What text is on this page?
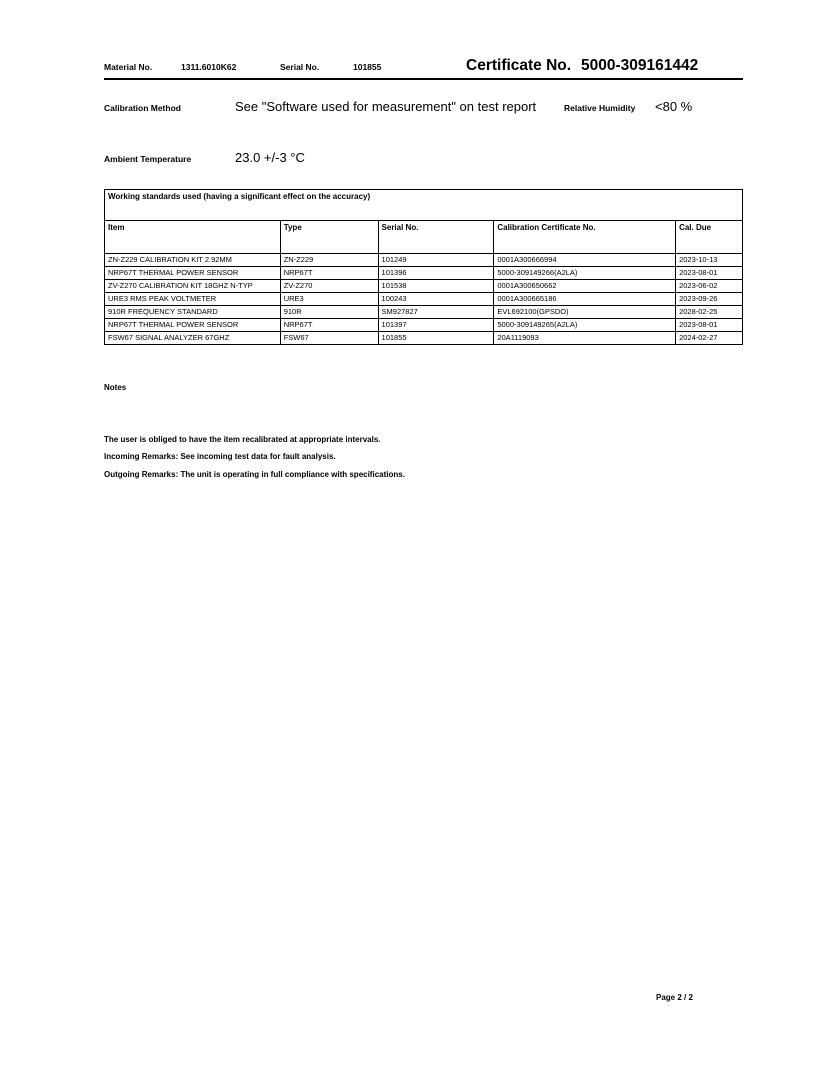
Material No.	1311.6010K62	Serial No.	101855	Certificate No. 5000-309161442
Calibration Method	See "Software used for measurement" on test report	Relative Humidity <80 %
Ambient Temperature	23.0 +/-3 °C
Working standards used (having a significant effect on the accuracy)				
Item	Type	Serial No.	Calibration Certificate No.	Cal. Due
ZN-Z229 CALIBRATION KIT 2.92MM	ZN-Z229	101249	0001A300666994	2023-10-13
NRP67T THERMAL POWER SENSOR	NRP67T	101396	5000-309149266(A2LA)	2023-08-01
ZV-Z270 CALIBRATION KIT 18GHZ N-TYP	ZV-Z270	101538	0001A300650662	2023-06-02
URE3 RMS PEAK VOLTMETER	URE3	100243	0001A300665186	2023-09-26
910R FREQUENCY STANDARD	910R	SM927827	EVL692100(GPSDO)	2028-02-25
NRP67T THERMAL POWER SENSOR	NRP67T	101397	5000-309149265(A2LA)	2023-08-01
FSW67 SIGNAL ANALYZER 67GHZ	FSW67	101855	20A1119093	2024-02-27
Notes
The user is obliged to have the item recalibrated at appropriate intervals.
Incoming Remarks: See incoming test data for fault analysis.
Outgoing Remarks: The unit is operating in full compliance with specifications.
Page 2 / 2
